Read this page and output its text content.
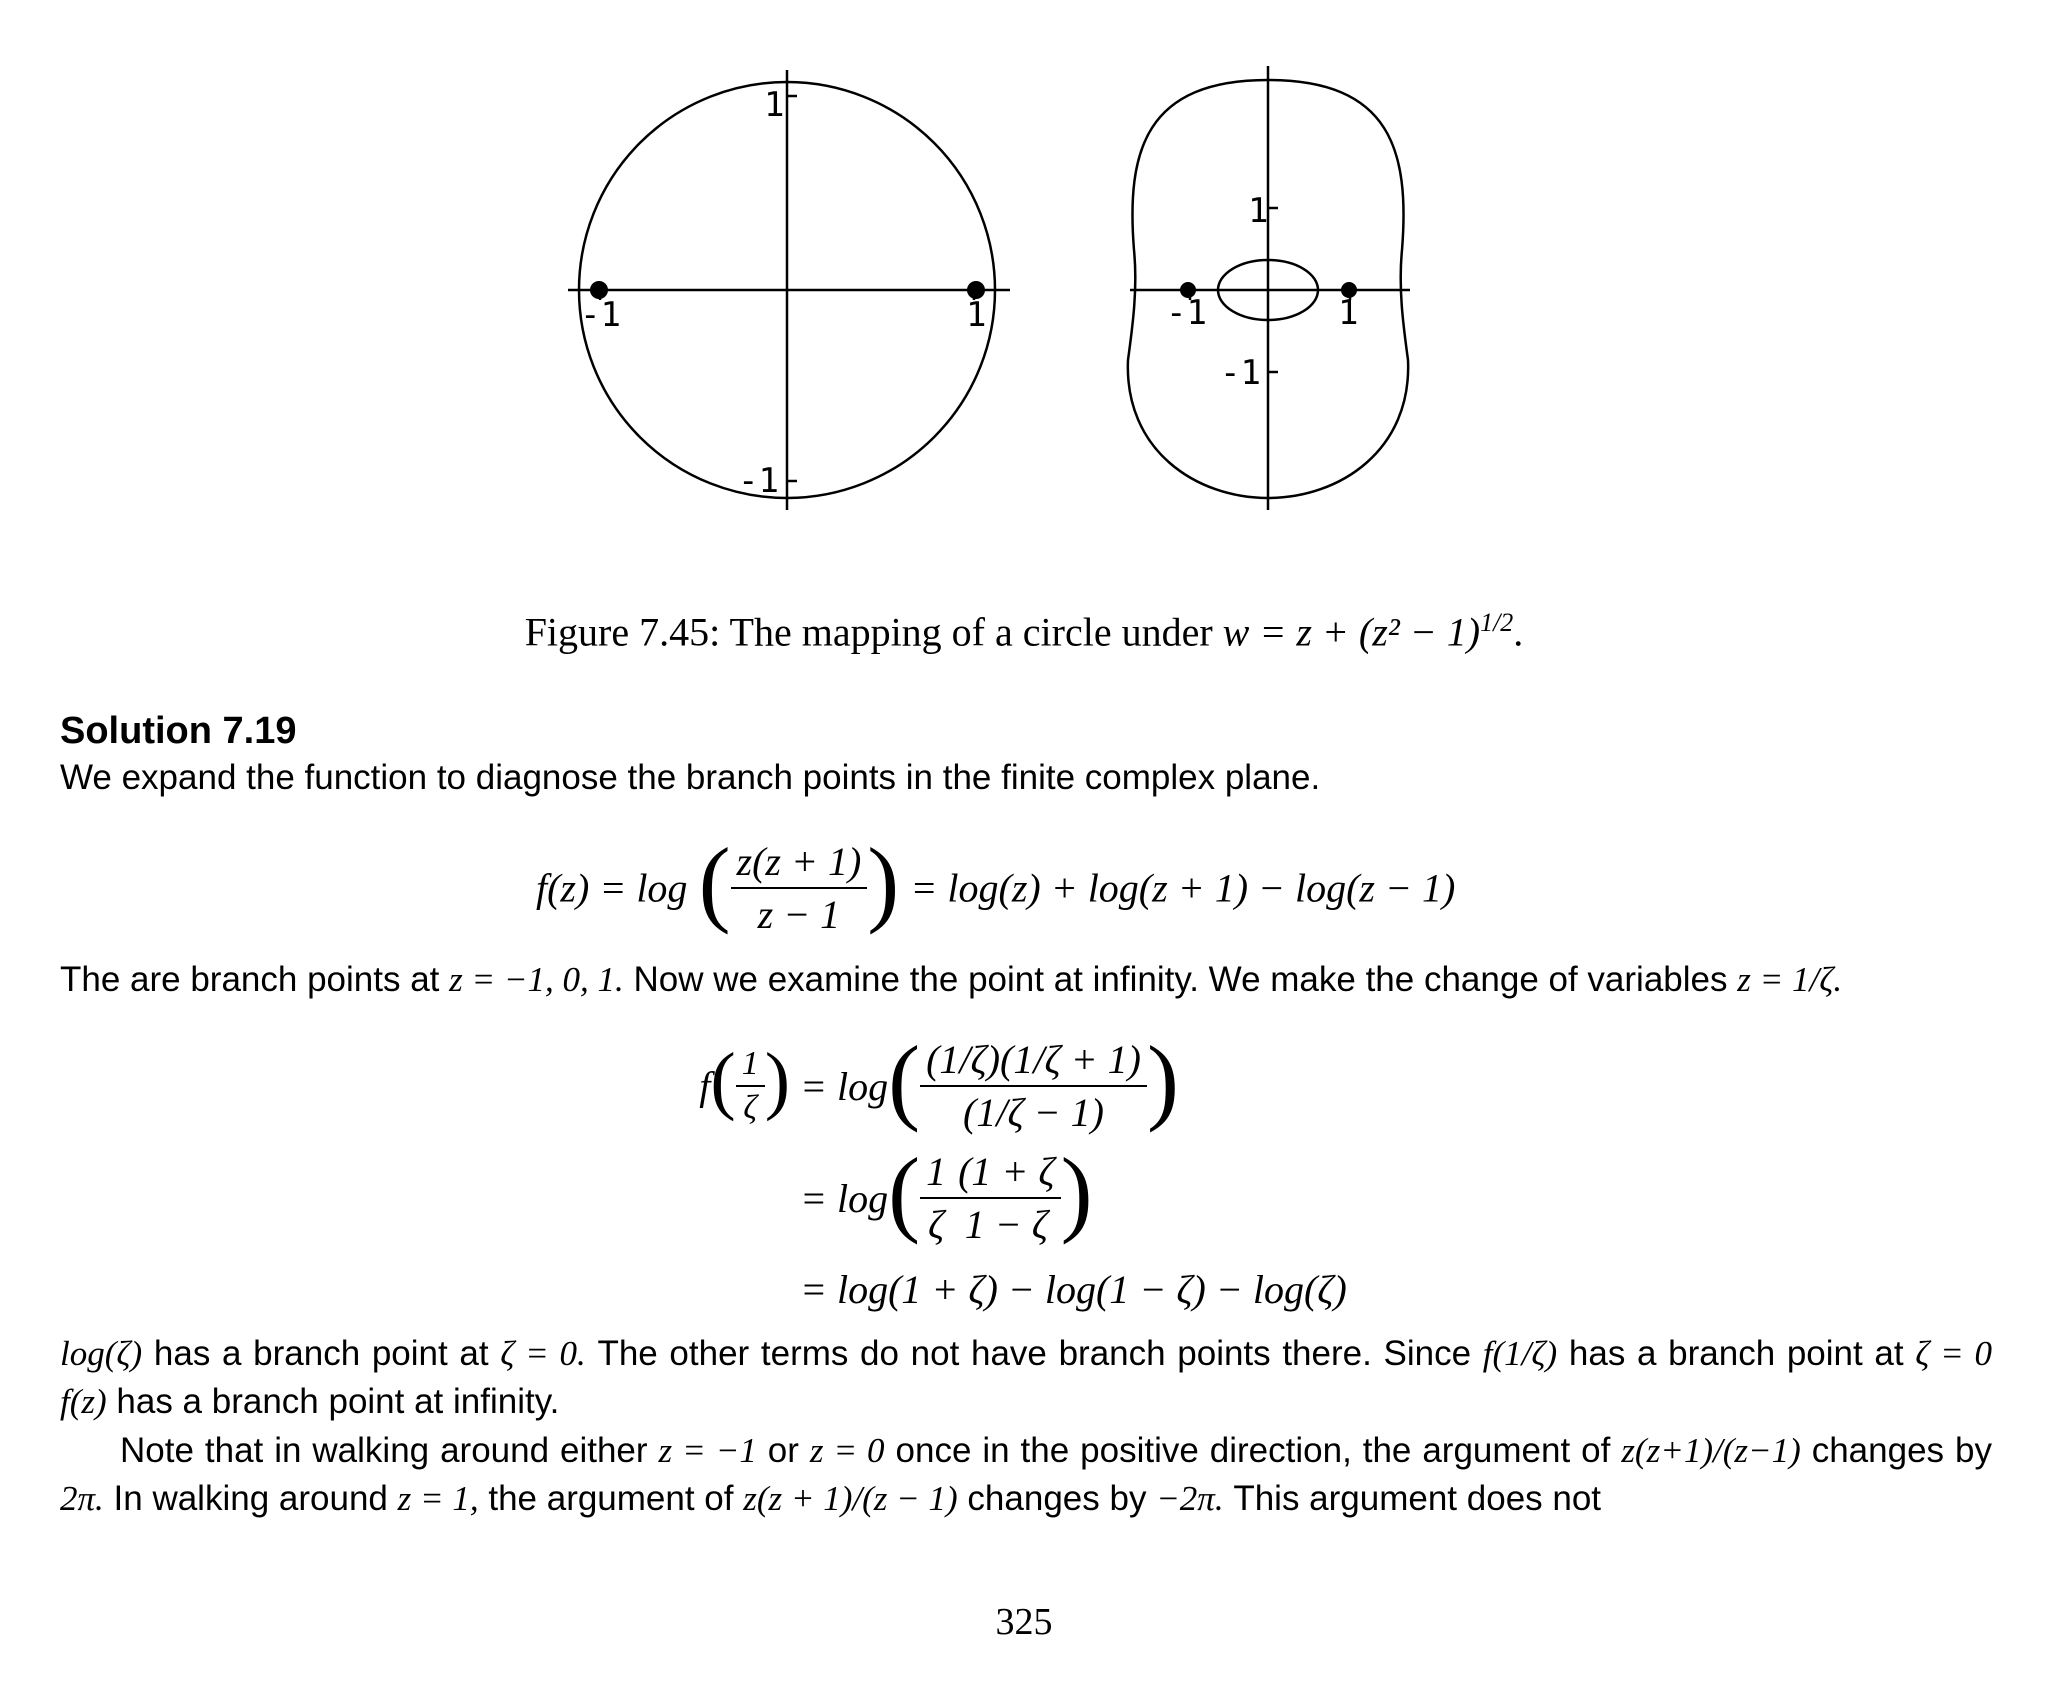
1
-1
-1	1
1
-1
-1	1
Figure 7.45: The mapping of a circle under $w = z + (z^2 - 1)^{1/2}$.
Solution 7.19
We expand the function to diagnose the branch points in the finite complex plane.
f(z) = log ( $\frac{z(z + 1)}{z - 1}$ ) = log(z) + log(z + 1) − log(z − 1)
The are branch points at z = −1, 0, 1. Now we examine the point at infinity. We make the change of variables z = 1/ζ.
$f( \frac{1}{\zeta}$ ) = log ( $\frac{(1/\zeta)(1/\zeta + 1)}{(1/\zeta - 1)}$ )
= log ( $\frac{1}{\zeta} \frac{(1 + \zeta}{1 - \zeta}$ )
= log(1 + ζ) − log(1 − ζ) − log(ζ)
log(ζ) has a branch point at ζ = 0. The other terms do not have branch points there. Since f(1/ζ) has a branch point at ζ = 0 f(z) has a branch point at infinity.
Note that in walking around either z = −1 or z = 0 once in the positive direction, the argument of z(z+1)/(z−1) changes by 2π. In walking around z = 1, the argument of z(z + 1)/(z − 1) changes by −2π. This argument does not
325
